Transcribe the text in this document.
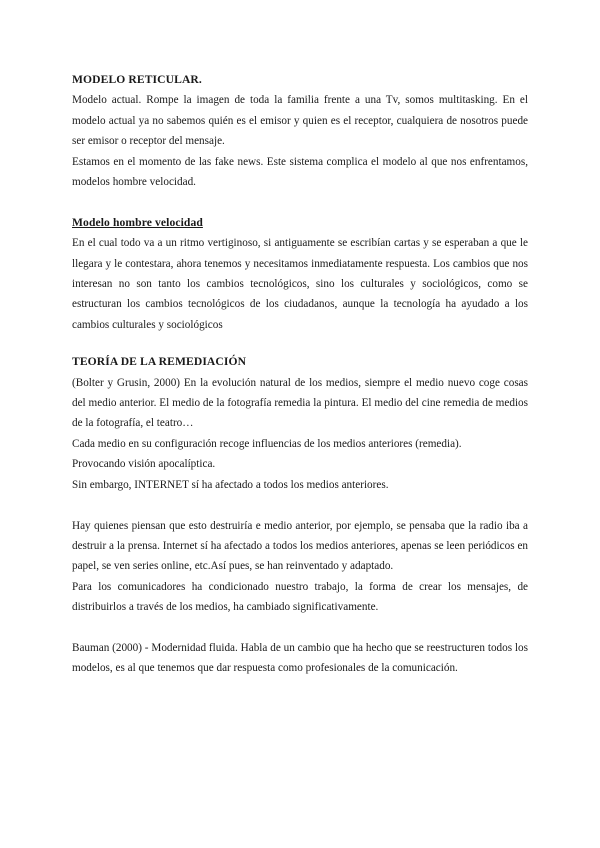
MODELO RETICULAR.

Modelo actual. Rompe la imagen de toda la familia frente a una Tv, somos multitasking. En el modelo actual ya no sabemos quién es el emisor y quien es el receptor, cualquiera de nosotros puede ser emisor o receptor del mensaje.

Estamos en el momento de las fake news. Este sistema complica el modelo al que nos enfrentamos, modelos hombre velocidad.

Modelo hombre velocidad

En el cual todo va a un ritmo vertiginoso, si antiguamente se escribían cartas y se esperaban a que le llegara y le contestara, ahora tenemos y necesitamos inmediatamente respuesta. Los cambios que nos interesan no son tanto los cambios tecnológicos, sino los culturales y sociológicos, como se estructuran los cambios tecnológicos de los ciudadanos, aunque la tecnología ha ayudado a los cambios culturales y sociológicos

TEORÍA DE LA REMEDIACIÓN

(Bolter y Grusin, 2000) En la evolución natural de los medios, siempre el medio nuevo coge cosas del medio anterior. El medio de la fotografía remedia la pintura. El medio del cine remedia de medios de la fotografía, el teatro…

Cada medio en su configuración recoge influencias de los medios anteriores (remedia).

Provocando visión apocalíptica.

Sin embargo, INTERNET sí ha afectado a todos los medios anteriores.

Hay quienes piensan que esto destruiría e medio anterior, por ejemplo, se pensaba que la radio iba a destruir a la prensa. Internet sí ha afectado a todos los medios anteriores, apenas se leen periódicos en papel, se ven series online, etc.Así pues, se han reinventado y adaptado.

Para los comunicadores ha condicionado nuestro trabajo, la forma de crear los mensajes, de distribuirlos a través de los medios, ha cambiado significativamente.

Bauman (2000) - Modernidad fluida. Habla de un cambio que ha hecho que se reestructuren todos los modelos, es al que tenemos que dar respuesta como profesionales de la comunicación.
